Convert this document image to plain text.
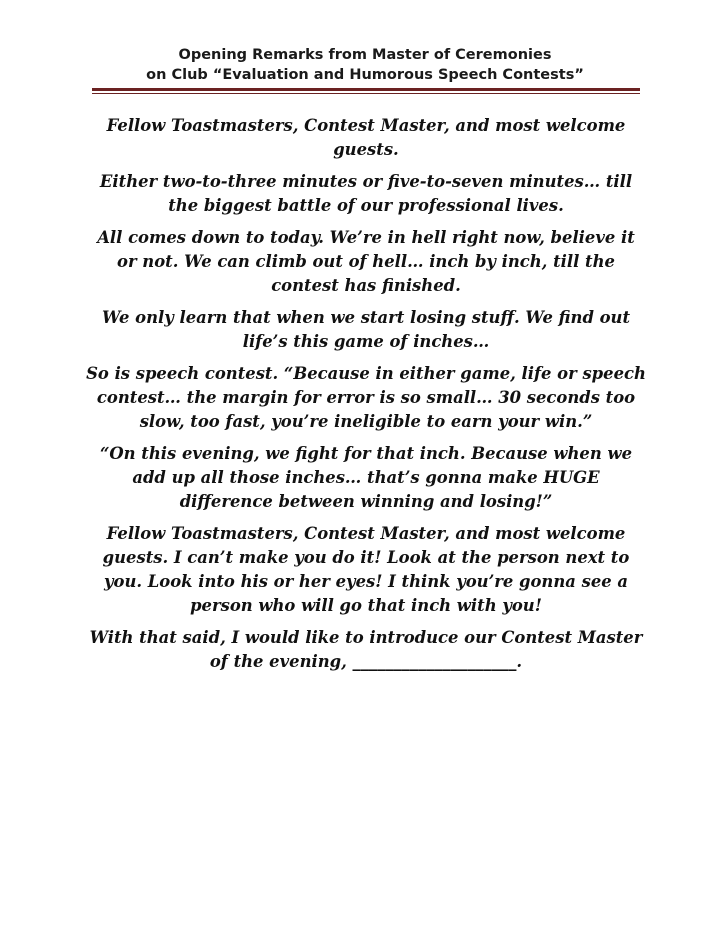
Opening Remarks from Master of Ceremonies
on Club “Evaluation and Humorous Speech Contests”

Fellow Toastmasters, Contest Master, and most welcome guests.

Either two-to-three minutes or five-to-seven minutes… till the biggest battle of our professional lives.

All comes down to today. We’re in hell right now, believe it or not. We can climb out of hell… inch by inch, till the contest has finished.

We only learn that when we start losing stuff. We find out life’s this game of inches…

So is speech contest. “Because in either game, life or speech contest… the margin for error is so small… 30 seconds too slow, too fast, you’re ineligible to earn your win.”

“On this evening, we fight for that inch. Because when we add up all those inches… that’s gonna make HUGE difference between winning and losing!”

Fellow Toastmasters, Contest Master, and most welcome guests. I can’t make you do it! Look at the person next to you. Look into his or her eyes! I think you’re gonna see a person who will go that inch with you!

With that said, I would like to introduce our Contest Master of the evening, ____________________.
